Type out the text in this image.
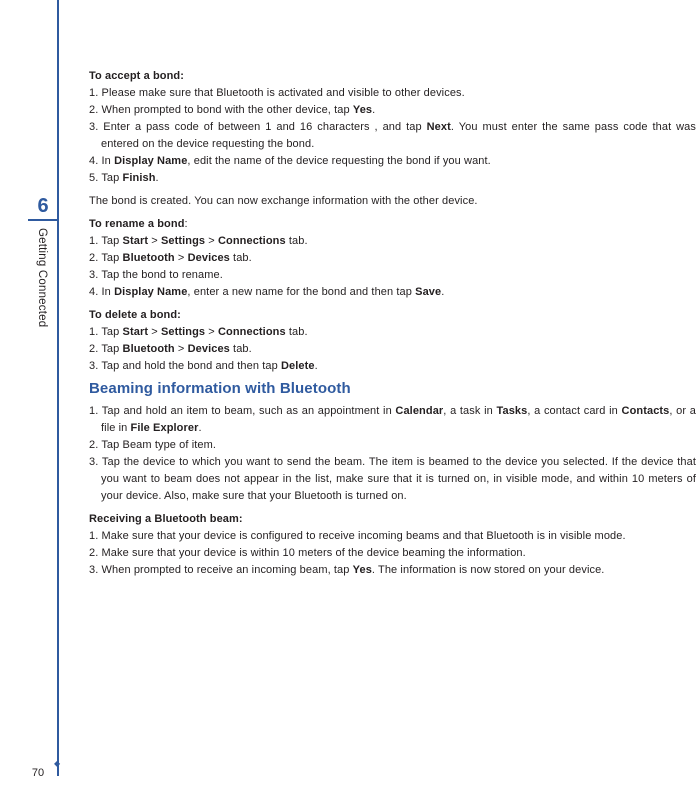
6
Getting Connected
◆
70

To accept a bond:

1. Please make sure that Bluetooth is activated and visible to other devices.

2. When prompted to bond with the other device, tap Yes.

3. Enter a pass code of between 1 and 16 characters , and tap Next. You must enter the same pass code that was entered on the device requesting the bond.

4. In Display Name, edit the name of the device requesting the bond if you want.

5. Tap Finish.

The bond is created. You can now exchange information with the other device.

To rename a bond:

1. Tap Start > Settings > Connections tab.

2. Tap Bluetooth > Devices tab.

3. Tap the bond to rename.

4. In Display Name, enter a new name for the bond and then tap Save.

To delete a bond:

1. Tap Start > Settings > Connections tab.

2. Tap Bluetooth > Devices tab.

3. Tap and hold the bond and then tap Delete.

Beaming information with Bluetooth

1. Tap and hold an item to beam, such as an appointment in Calendar, a task in Tasks, a contact card in Contacts, or a file in File Explorer.

2. Tap Beam type of item.

3. Tap the device to which you want to send the beam. The item is beamed to the device you selected. If the device that you want to beam does not appear in the list, make sure that it is turned on, in visible mode, and within 10 meters of your device. Also, make sure that your Bluetooth is turned on.

Receiving a Bluetooth beam:

1. Make sure that your device is configured to receive incoming beams and that Bluetooth is in visible mode.

2. Make sure that your device is within 10 meters of the device beaming the information.

3. When prompted to receive an incoming beam, tap Yes. The information is now stored on your device.
